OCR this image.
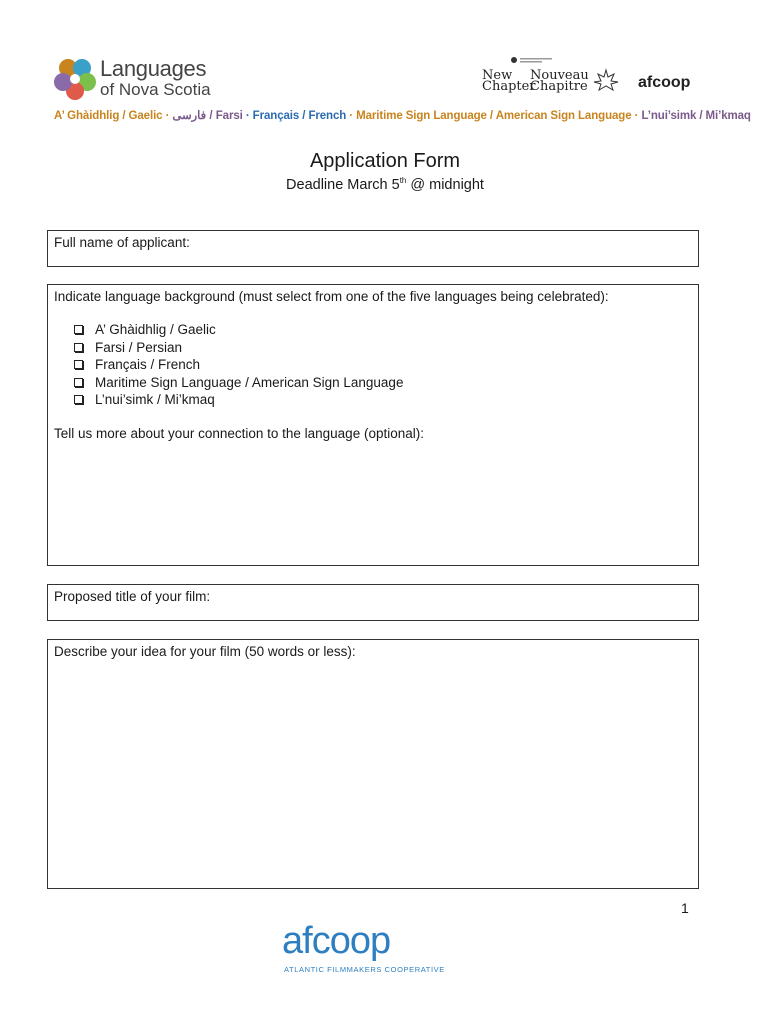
Languages
of Nova Scotia
New Chapter
Nouveau Chapitre	afcoop
A’ Ghàidhlig / Gaelic · فارسی / Farsi · Français / French · Maritime Sign Language / American Sign Language · L’nui’simk / Mi’kmaq
Application Form
Deadline March 5th @ midnight
Full name of applicant:
Indicate language background (must select from one of the five languages being celebrated):
A’ Ghàidhlig / Gaelic
Farsi / Persian
Français / French
Maritime Sign Language / American Sign Language
L’nui’simk / Mi’kmaq
Tell us more about your connection to the language (optional):
Proposed title of your film:
Describe your idea for your film (50 words or less):
1
afcoop
ATLANTIC FILMMAKERS COOPERATIVE
